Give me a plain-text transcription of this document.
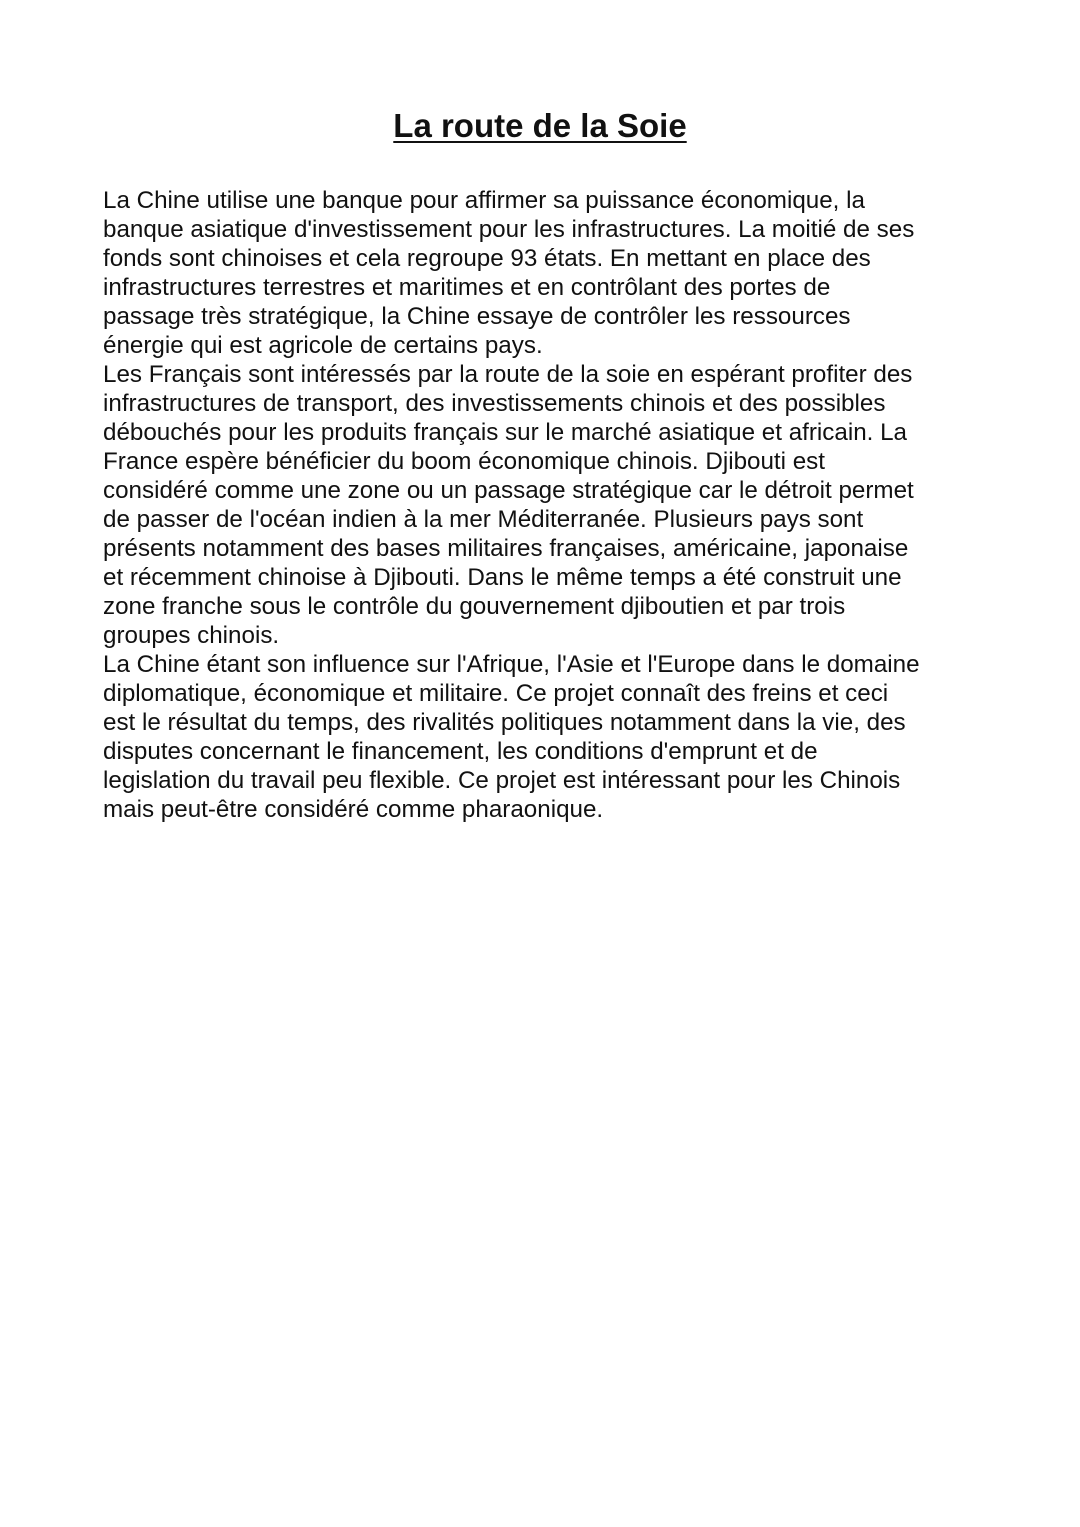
La route de la Soie

La Chine utilise une banque pour affirmer sa puissance économique, la
banque asiatique d'investissement pour les infrastructures. La moitié de ses
fonds sont chinoises et cela regroupe 93 états. En mettant en place des
infrastructures terrestres et maritimes et en contrôlant des portes de
passage très stratégique, la Chine essaye de contrôler les ressources
énergie qui est agricole de certains pays.

Les Français sont intéressés par la route de la soie en espérant profiter des
infrastructures de transport, des investissements chinois et des possibles
débouchés pour les produits français sur le marché asiatique et africain. La
France espère bénéficier du boom économique chinois. Djibouti est
considéré comme une zone ou un passage stratégique car le détroit permet
de passer de l'océan indien à la mer Méditerranée. Plusieurs pays sont
présents notamment des bases militaires françaises, américaine, japonaise
et récemment chinoise à Djibouti. Dans le même temps a été construit une
zone franche sous le contrôle du gouvernement djiboutien et par trois
groupes chinois.

La Chine étant son influence sur l'Afrique, l'Asie et l'Europe dans le domaine
diplomatique, économique et militaire. Ce projet connaît des freins et ceci
est le résultat du temps, des rivalités politiques notamment dans la vie, des
disputes concernant le financement, les conditions d'emprunt et de
legislation du travail peu flexible. Ce projet est intéressant pour les Chinois
mais peut-être considéré comme pharaonique.
